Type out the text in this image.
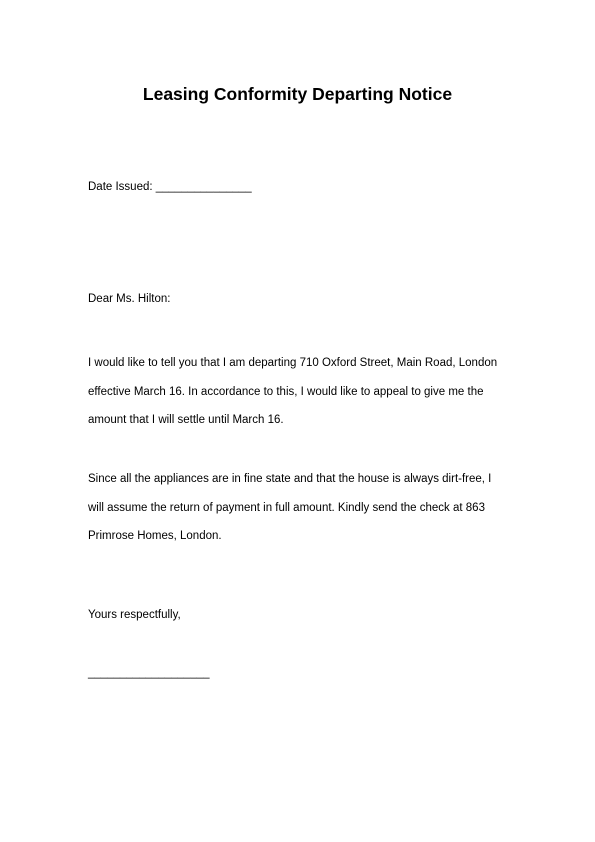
Leasing Conformity Departing Notice
Date Issued: _______________
Dear Ms. Hilton:
I would like to tell you that I am departing 710 Oxford Street, Main Road, London
effective March 16. In accordance to this, I would like to appeal to give me the
amount that I will settle until March 16.
Since all the appliances are in fine state and that the house is always dirt-free, I
will assume the return of payment in full amount. Kindly send the check at 863
Primrose Homes, London.
Yours respectfully,
___________________
